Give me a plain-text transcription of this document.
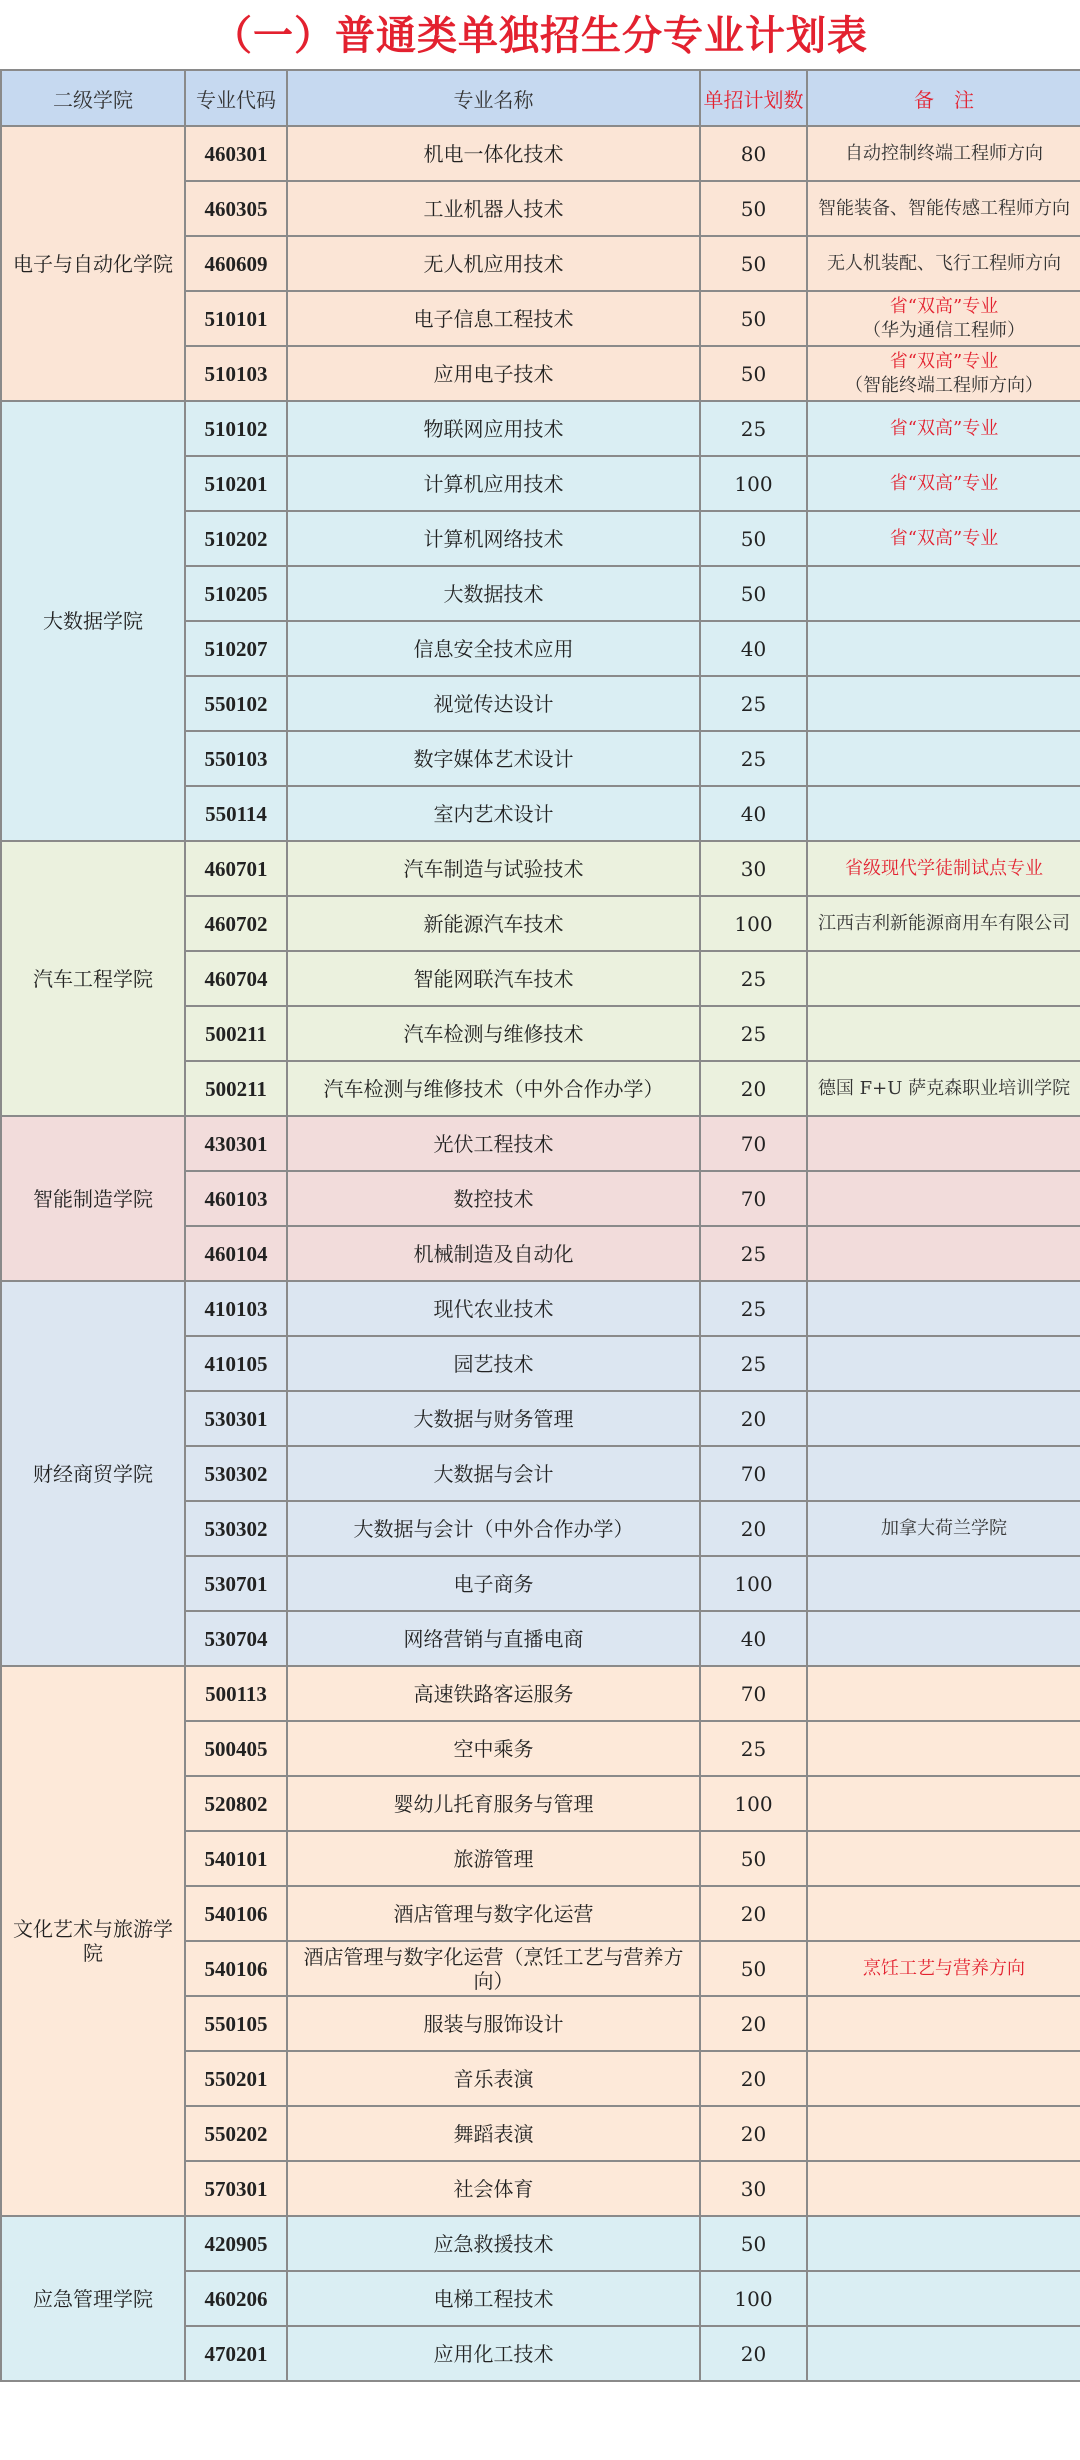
（一）普通类单独招生分专业计划表
二级学院	专业代码	专业名称	单招计划数	备　注
电子与自动化学院	460301	机电一体化技术	80	自动控制终端工程师方向

	460305	工业机器人技术	50	智能装备、智能传感工程师方向

	460609	无人机应用技术	50	无人机装配、飞行工程师方向

	510101	电子信息工程技术	50	省“双高”专业
（华为通信工程师）

	510103	应用电子技术	50	省“双高”专业
（智能终端工程师方向）

大数据学院	510102	物联网应用技术	25	省“双高”专业

	510201	计算机应用技术	100	省“双高”专业

	510202	计算机网络技术	50	省“双高”专业

	510205	大数据技术	50	
	510207	信息安全技术应用	40	
	550102	视觉传达设计	25	
	550103	数字媒体艺术设计	25	
	550114	室内艺术设计	40	
汽车工程学院	460701	汽车制造与试验技术	30	省级现代学徒制试点专业

	460702	新能源汽车技术	100	江西吉利新能源商用车有限公司

	460704	智能网联汽车技术	25	
	500211	汽车检测与维修技术	25	
	500211	汽车检测与维修技术（中外合作办学）	20	德国 F+U 萨克森职业培训学院

智能制造学院	430301	光伏工程技术	70	
	460103	数控技术	70	
	460104	机械制造及自动化	25	
财经商贸学院	410103	现代农业技术	25	
	410105	园艺技术	25	
	530301	大数据与财务管理	20	
	530302	大数据与会计	70	
	530302	大数据与会计（中外合作办学）	20	加拿大荷兰学院

	530701	电子商务	100	
	530704	网络营销与直播电商	40	
文化艺术与旅游学院	500113	高速铁路客运服务	70	
	500405	空中乘务	25	
	520802	婴幼儿托育服务与管理	100	
	540101	旅游管理	50	
	540106	酒店管理与数字化运营	20	
	540106	酒店管理与数字化运营（烹饪工艺与营养方向）	50	烹饪工艺与营养方向

	550105	服装与服饰设计	20	
	550201	音乐表演	20	
	550202	舞蹈表演	20	
	570301	社会体育	30	
应急管理学院	420905	应急救援技术	50	
	460206	电梯工程技术	100	
	470201	应用化工技术	20	
